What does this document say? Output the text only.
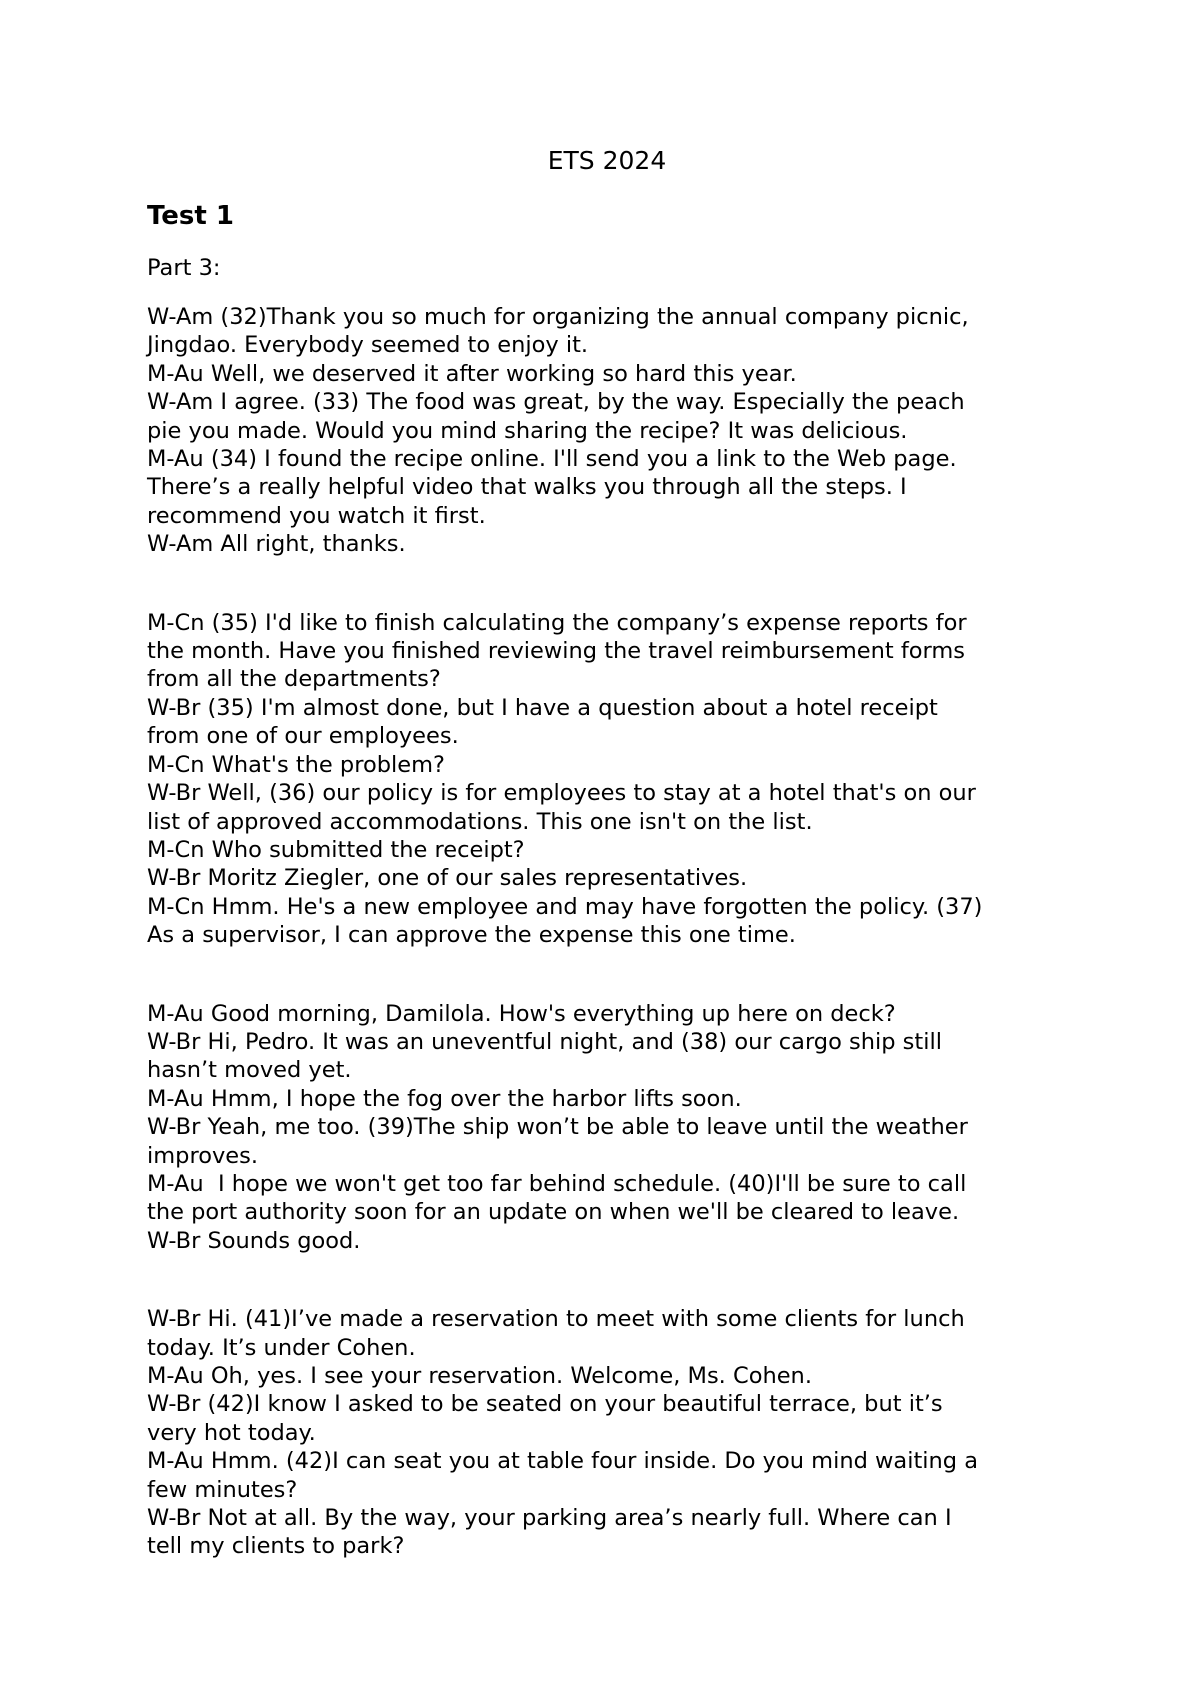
ETS 2024
Test 1

Part 3:

W-Am (32)Thank you so much for organizing the annual company picnic,

Jingdao. Everybody seemed to enjoy it.

M-Au Well, we deserved it after working so hard this year.

W-Am I agree. (33) The food was great, by the way. Especially the peach

pie you made. Would you mind sharing the recipe? It was delicious.

M-Au (34) I found the recipe online. I'll send you a link to the Web page.

There’s a really helpful video that walks you through all the steps. I

recommend you watch it first.

W-Am All right, thanks.

M-Cn (35) I'd like to finish calculating the company’s expense reports for

the month. Have you finished reviewing the travel reimbursement forms

from all the departments?

W-Br (35) I'm almost done, but I have a question about a hotel receipt

from one of our employees.

M-Cn What's the problem?

W-Br Well, (36) our policy is for employees to stay at a hotel that's on our

list of approved accommodations. This one isn't on the list.

M-Cn Who submitted the receipt?

W-Br Moritz Ziegler, one of our sales representatives.

M-Cn Hmm. He's a new employee and may have forgotten the policy. (37)

As a supervisor, I can approve the expense this one time.

M-Au Good morning, Damilola. How's everything up here on deck?

W-Br Hi, Pedro. It was an uneventful night, and (38) our cargo ship still

hasn’t moved yet.

M-Au Hmm, I hope the fog over the harbor lifts soon.

W-Br Yeah, me too. (39)The ship won’t be able to leave until the weather

improves.

M-Au  I hope we won't get too far behind schedule. (40)I'll be sure to call

the port authority soon for an update on when we'll be cleared to leave.

W-Br Sounds good.

W-Br Hi. (41)I’ve made a reservation to meet with some clients for lunch

today. It’s under Cohen.

M-Au Oh, yes. I see your reservation. Welcome, Ms. Cohen.

W-Br (42)I know I asked to be seated on your beautiful terrace, but it’s

very hot today.

M-Au Hmm. (42)I can seat you at table four inside. Do you mind waiting a

few minutes?

W-Br Not at all. By the way, your parking area’s nearly full. Where can I

tell my clients to park?
